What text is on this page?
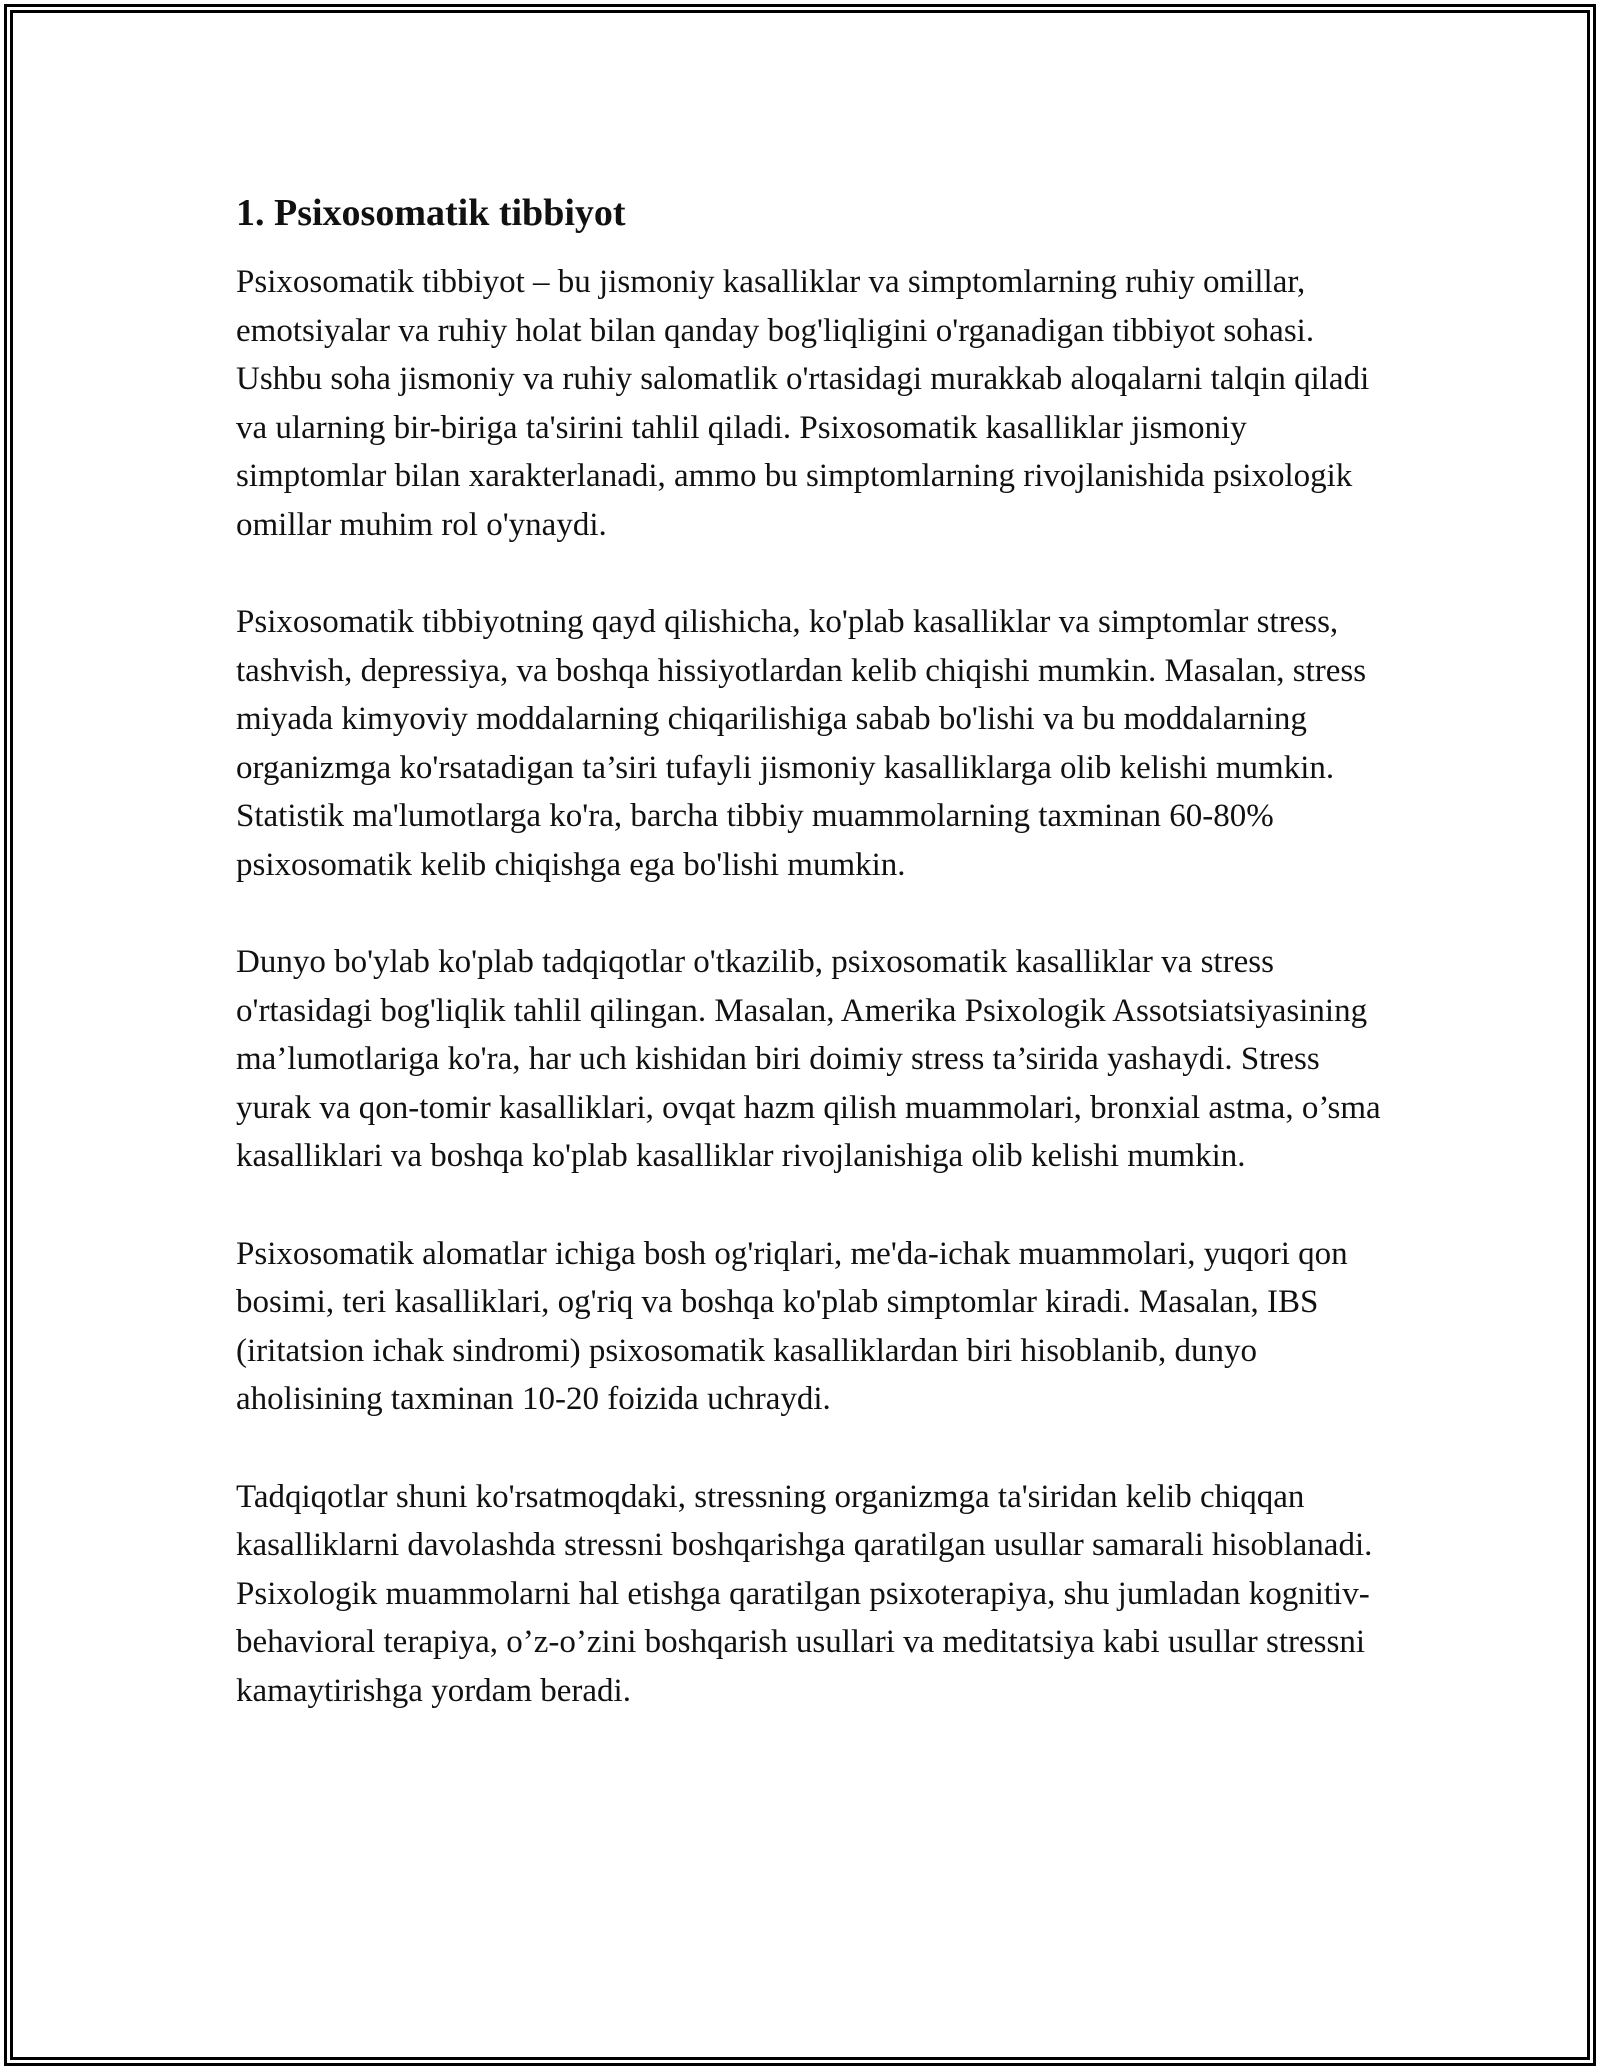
1. Psixosomatik tibbiyot

Psixosomatik tibbiyot – bu jismoniy kasalliklar va simptomlarning ruhiy omillar, emotsiyalar va ruhiy holat bilan qanday bog'liqligini o'rganadigan tibbiyot sohasi. Ushbu soha jismoniy va ruhiy salomatlik o'rtasidagi murakkab aloqalarni talqin qiladi va ularning bir-biriga ta'sirini tahlil qiladi. Psixosomatik kasalliklar jismoniy simptomlar bilan xarakterlanadi, ammo bu simptomlarning rivojlanishida psixologik omillar muhim rol o'ynaydi.

Psixosomatik tibbiyotning qayd qilishicha, ko'plab kasalliklar va simptomlar stress, tashvish, depressiya, va boshqa hissiyotlardan kelib chiqishi mumkin. Masalan, stress miyada kimyoviy moddalarning chiqarilishiga sabab bo'lishi va bu moddalarning organizmga ko'rsatadigan ta’siri tufayli jismoniy kasalliklarga olib kelishi mumkin. Statistik ma'lumotlarga ko'ra, barcha tibbiy muammolarning taxminan 60-80% psixosomatik kelib chiqishga ega bo'lishi mumkin.

Dunyo bo'ylab ko'plab tadqiqotlar o'tkazilib, psixosomatik kasalliklar va stress o'rtasidagi bog'liqlik tahlil qilingan. Masalan, Amerika Psixologik Assotsiatsiyasining ma’lumotlariga ko'ra, har uch kishidan biri doimiy stress ta’sirida yashaydi. Stress yurak va qon-tomir kasalliklari, ovqat hazm qilish muammolari, bronxial astma, o’sma kasalliklari va boshqa ko'plab kasalliklar rivojlanishiga olib kelishi mumkin.

Psixosomatik alomatlar ichiga bosh og'riqlari, me'da-ichak muammolari, yuqori qon bosimi, teri kasalliklari, og'riq va boshqa ko'plab simptomlar kiradi. Masalan, IBS (iritatsion ichak sindromi) psixosomatik kasalliklardan biri hisoblanib, dunyo aholisining taxminan 10-20 foizida uchraydi.

Tadqiqotlar shuni ko'rsatmoqdaki, stressning organizmga ta'siridan kelib chiqqan kasalliklarni davolashda stressni boshqarishga qaratilgan usullar samarali hisoblanadi. Psixologik muammolarni hal etishga qaratilgan psixoterapiya, shu jumladan kognitiv-behavioral terapiya, o’z-o’zini boshqarish usullari va meditatsiya kabi usullar stressni kamaytirishga yordam beradi.
